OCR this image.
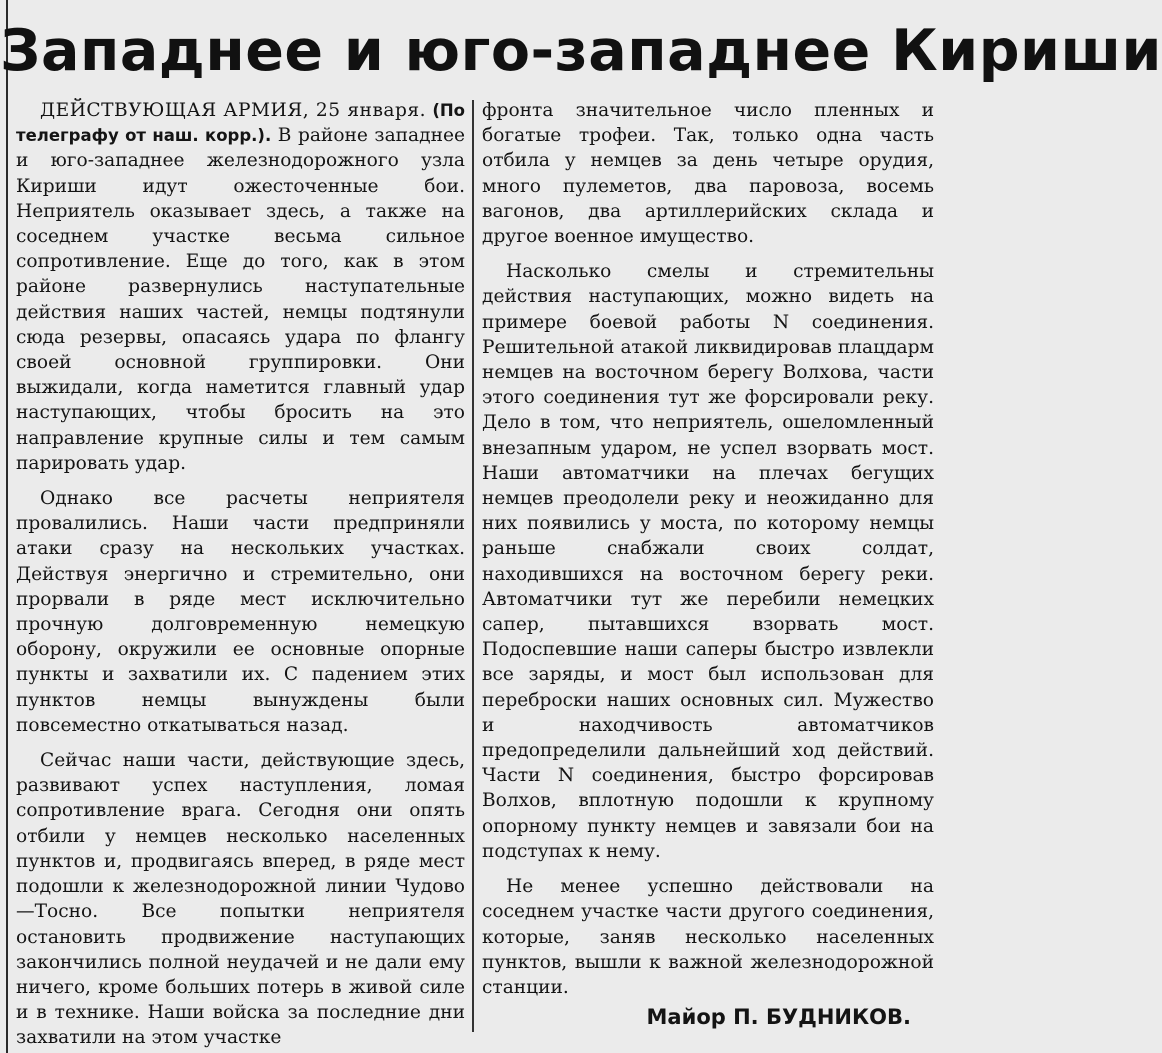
Западнее и юго-западнее Кириши

ДЕЙСТВУЮЩАЯ АРМИЯ, 25 января. (По телеграфу от наш. корр.). В районе западнее и юго-западнее железнодорожного узла Кириши идут ожесточенные бои. Неприятель оказывает здесь, а также на соседнем участке весьма сильное сопротивление. Еще до того, как в этом районе развернулись наступательные действия наших частей, немцы подтянули сюда резервы, опасаясь удара по флангу своей основной группировки. Они выжидали, когда наметится главный удар наступающих, чтобы бросить на это направление крупные силы и тем самым парировать удар.

Однако все расчеты неприятеля провалились. Наши части предприняли атаки сразу на нескольких участках. Действуя энергично и стремительно, они прорвали в ряде мест исключительно прочную долговременную немецкую оборону, окружили ее основные опорные пункты и захватили их. С падением этих пунктов немцы вынуждены были повсеместно откатываться назад.

Сейчас наши части, действующие здесь, развивают успех наступления, ломая сопротивление врага. Сегодня они опять отбили у немцев несколько населенных пунктов и, продвигаясь вперед, в ряде мест подошли к железнодорожной линии Чудово—Тосно. Все попытки неприятеля остановить продвижение наступающих закончились полной неудачей и не дали ему ничего, кроме больших потерь в живой силе и в технике. Наши войска за последние дни захватили на этом участке

фронта значительное число пленных и богатые трофеи. Так, только одна часть отбила у немцев за день четыре орудия, много пулеметов, два паровоза, восемь вагонов, два артиллерийских склада и другое военное имущество.

Насколько смелы и стремительны действия наступающих, можно видеть на примере боевой работы N соединения. Решительной атакой ликвидировав плацдарм немцев на восточном берегу Волхова, части этого соединения тут же форсировали реку. Дело в том, что неприятель, ошеломленный внезапным ударом, не успел взорвать мост. Наши автоматчики на плечах бегущих немцев преодолели реку и неожиданно для них появились у моста, по которому немцы раньше снабжали своих солдат, находившихся на восточном берегу реки. Автоматчики тут же перебили немецких сапер, пытавшихся взорвать мост. Подоспевшие наши саперы быстро извлекли все заряды, и мост был использован для переброски наших основных сил. Мужество и находчивость автоматчиков предопределили дальнейший ход действий. Части N соединения, быстро форсировав Волхов, вплотную подошли к крупному опорному пункту немцев и завязали бои на подступах к нему.

Не менее успешно действовали на соседнем участке части другого соединения, которые, заняв несколько населенных пунктов, вышли к важной железнодорожной станции.

Майор П. БУДНИКОВ.
